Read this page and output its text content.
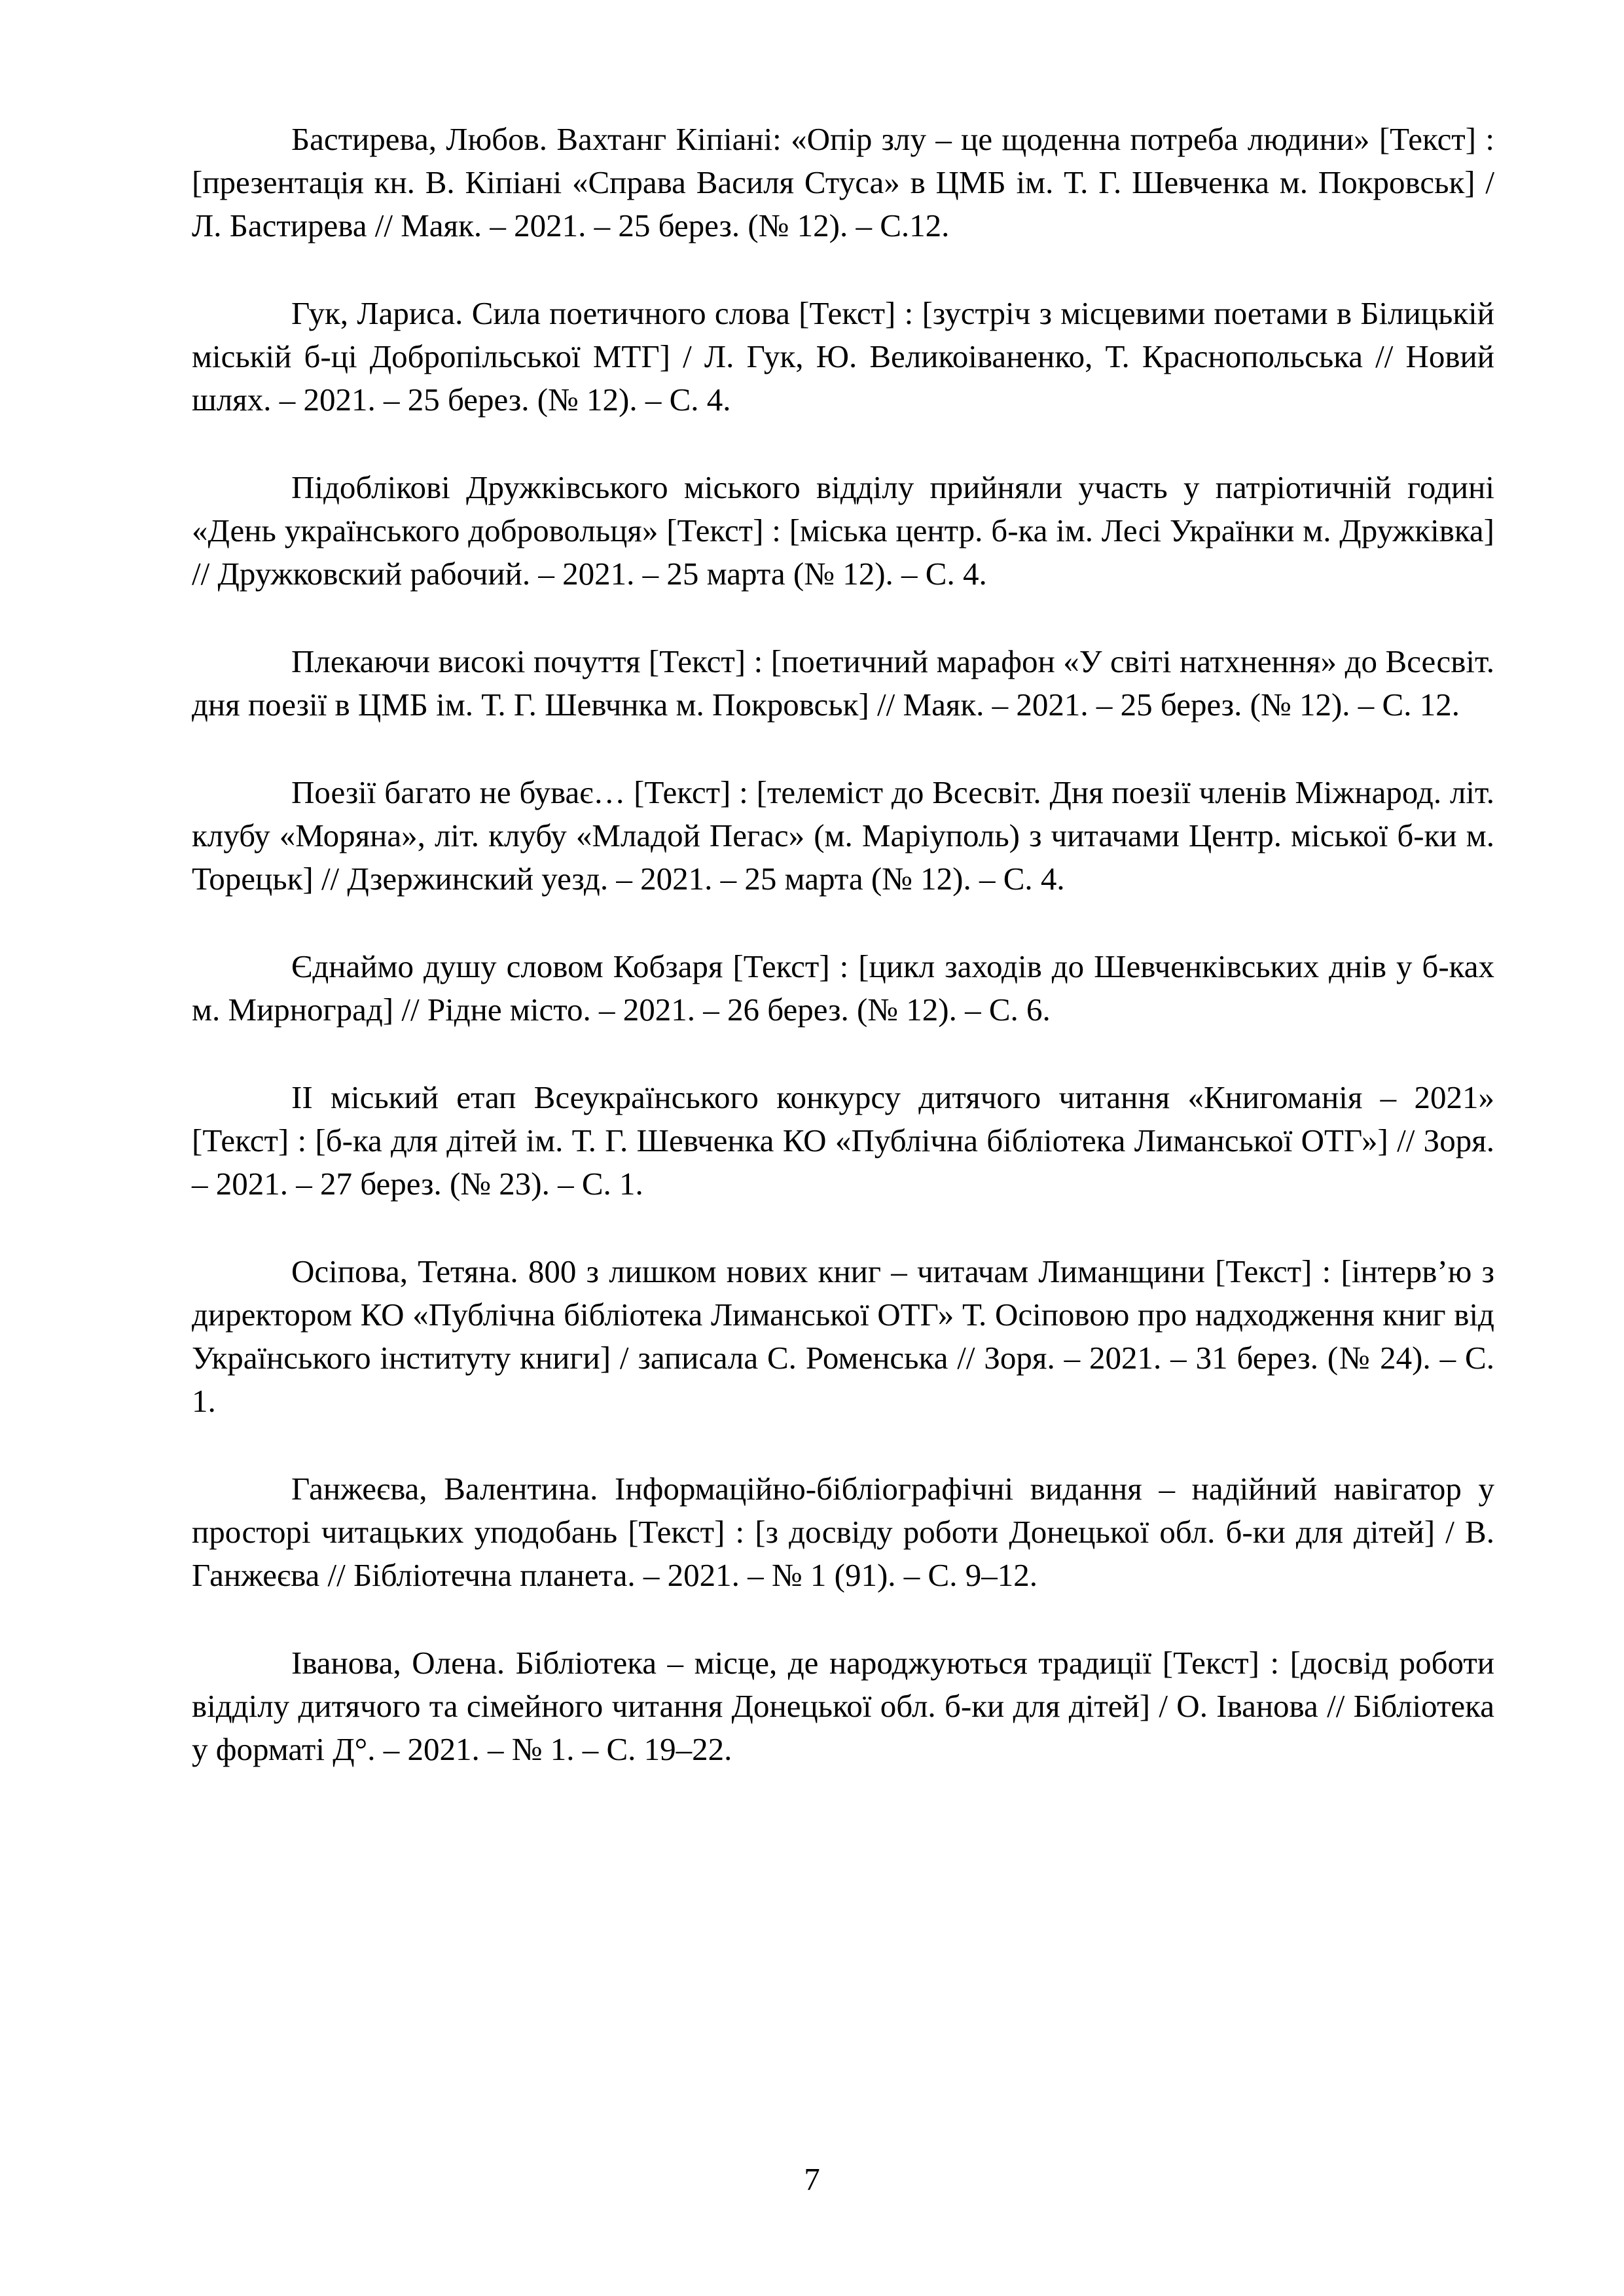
Бастирева, Любов. Вахтанг Кіпіані: «Опір злу – це щоденна потреба людини» [Текст] : [презентація кн. В. Кіпіані «Справа Василя Стуса» в ЦМБ ім. Т. Г. Шевченка м. Покровськ] / Л. Бастирева // Маяк. – 2021. – 25 берез. (№ 12). – С.12.

Гук, Лариса. Сила поетичного слова [Текст] : [зустріч з місцевими поетами в Білицькій міській б-ці Добропільської МТГ] / Л. Гук, Ю. Великоіваненко, Т. Краснопольська // Новий шлях. – 2021. – 25 берез. (№ 12). – С. 4.

Підоблікові Дружківського міського відділу прийняли участь у патріотичній годині «День українського добровольця» [Текст] : [міська центр. б-ка ім. Лесі Українки м. Дружківка] // Дружковский рабочий. – 2021. – 25 марта (№ 12). – С. 4.

Плекаючи високі почуття [Текст] : [поетичний марафон «У світі натхнення» до Всесвіт. дня поезії в ЦМБ ім. Т. Г. Шевчнка м. Покровськ] // Маяк. – 2021. – 25 берез. (№ 12). – С. 12.

Поезії багато не буває… [Текст] : [телеміст до Всесвіт. Дня поезії членів Міжнарод. літ. клубу «Моряна», літ. клубу «Младой Пегас» (м. Маріуполь) з читачами Центр. міської б-ки м. Торецьк] // Дзержинский уезд. – 2021. – 25 марта (№ 12). – С. 4.

Єднаймо душу словом Кобзаря [Текст] : [цикл заходів до Шевченківських днів у б-ках м. Мирноград] // Рідне місто. – 2021. – 26 берез. (№ 12). – С. 6.

ІІ міський етап Всеукраїнського конкурсу дитячого читання «Книгоманія – 2021» [Текст] : [б-ка для дітей ім. Т. Г. Шевченка КО «Публічна бібліотека Лиманської ОТГ»] // Зоря. – 2021. – 27 берез. (№ 23). – С. 1.

Осіпова, Тетяна. 800 з лишком нових книг – читачам Лиманщини [Текст] : [інтерв’ю з директором КО «Публічна бібліотека Лиманської ОТГ» Т. Осіповою про надходження книг від Українського інституту книги] / записала С. Роменська // Зоря. – 2021. – 31 берез. (№ 24). – С. 1.

Ганжеєва, Валентина. Інформаційно-бібліографічні видання – надійний навігатор у просторі читацьких уподобань [Текст] : [з досвіду роботи Донецької обл. б-ки для дітей] / В. Ганжеєва // Бібліотечна планета. – 2021. – № 1 (91). – С. 9–12.

Іванова, Олена. Бібліотека – місце, де народжуються традиції [Текст] : [досвід роботи відділу дитячого та сімейного читання Донецької обл. б-ки для дітей] / О. Іванова // Бібліотека у форматі Д°. – 2021. – № 1. – С. 19–22.

7
